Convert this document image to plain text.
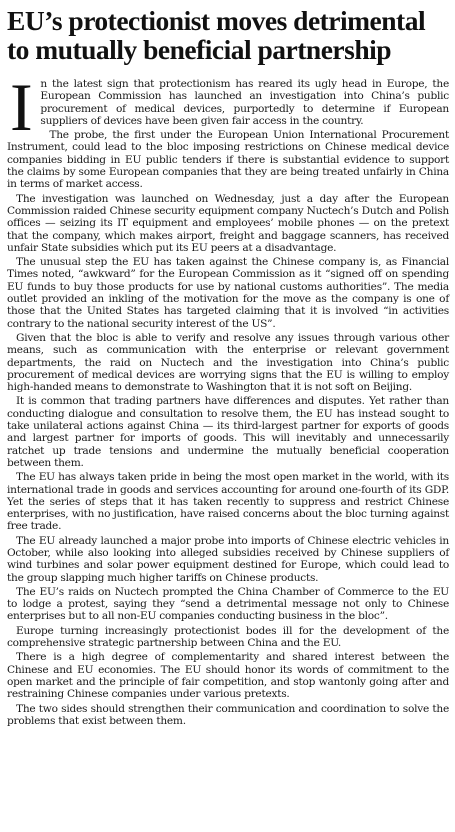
EU’s protectionist moves detrimental
to mutually beneficial partnership

In the latest sign that protectionism has reared its ugly head in Europe, the European Commission has launched an investigation into China’s public procurement of medical devices, purportedly to determine if European suppliers of devices have been given fair access in the country.

The probe, the first under the European Union International Procurement Instrument, could lead to the bloc imposing restrictions on Chinese medical device companies bidding in EU public tenders if there is substantial evidence to support the claims by some European companies that they are being treated unfairly in China in terms of market access.

The investigation was launched on Wednesday, just a day after the European Commission raided Chinese security equipment company Nuctech’s Dutch and Polish offices — seizing its IT equipment and employees’ mobile phones — on the pretext that the company, which makes airport, freight and baggage scanners, has received unfair State subsidies which put its EU peers at a disadvantage.

The unusual step the EU has taken against the Chinese company is, as Financial Times noted, “awkward” for the European Commission as it “signed off on spending EU funds to buy those products for use by national customs authorities”. The media outlet provided an inkling of the motivation for the move as the company is one of those that the United States has targeted claiming that it is involved “in activities contrary to the national security interest of the US”.

Given that the bloc is able to verify and resolve any issues through various other means, such as communication with the enterprise or relevant government departments, the raid on Nuctech and the investigation into China’s public procurement of medical devices are worrying signs that the EU is willing to employ high-handed means to demonstrate to Washington that it is not soft on Beijing.

It is common that trading partners have differences and disputes. Yet rather than conducting dialogue and consultation to resolve them, the EU has instead sought to take unilateral actions against China — its third-largest partner for exports of goods and largest partner for imports of goods. This will inevitably and unnecessarily ratchet up trade tensions and undermine the mutually beneficial cooperation between them.

The EU has always taken pride in being the most open market in the world, with its international trade in goods and services accounting for around one-fourth of its GDP. Yet the series of steps that it has taken recently to suppress and restrict Chinese enterprises, with no justification, have raised concerns about the bloc turning against free trade.

The EU already launched a major probe into imports of Chinese electric vehicles in October, while also looking into alleged subsidies received by Chinese suppliers of wind turbines and solar power equipment destined for Europe, which could lead to the group slapping much higher tariffs on Chinese products.

The EU’s raids on Nuctech prompted the China Chamber of Commerce to the EU to lodge a protest, saying they “send a detrimental message not only to Chinese enterprises but to all non-EU companies conducting business in the bloc”.

Europe turning increasingly protectionist bodes ill for the development of the comprehensive strategic partnership between China and the EU.

There is a high degree of complementarity and shared interest between the Chinese and EU economies. The EU should honor its words of commitment to the open market and the principle of fair competition, and stop wantonly going after and restraining Chinese companies under various pretexts.

The two sides should strengthen their communication and coordination to solve the problems that exist between them.
